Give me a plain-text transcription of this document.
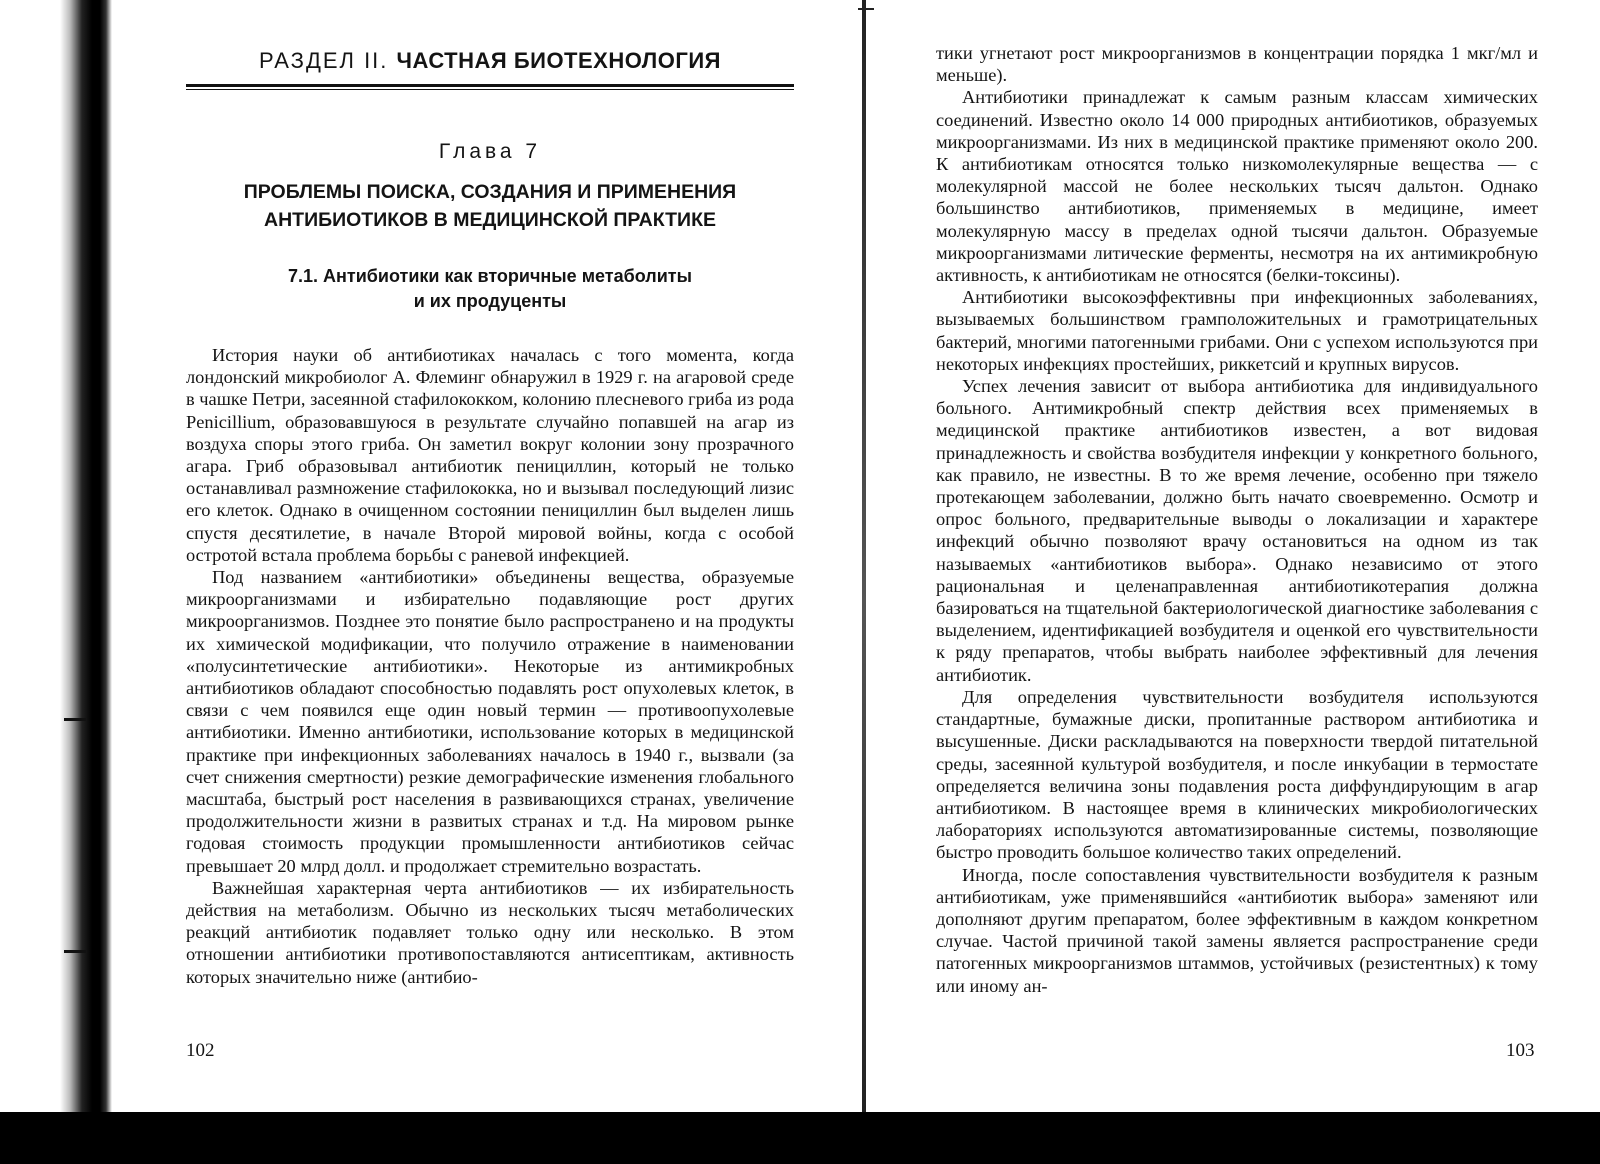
РАЗДЕЛ II. ЧАСТНАЯ БИОТЕХНОЛОГИЯ
Глава 7
ПРОБЛЕМЫ ПОИСКА, СОЗДАНИЯ И ПРИМЕНЕНИЯ
АНТИБИОТИКОВ В МЕДИЦИНСКОЙ ПРАКТИКЕ
7.1. Антибиотики как вторичные метаболиты
и их продуценты

История науки об антибиотиках началась с того момента, когда лондонский микробиолог А. Флеминг обнаружил в 1929 г. на агаровой среде в чашке Петри, засеянной стафилококком, колонию плесневого гриба из рода Penicillium, образовавшуюся в результате случайно попавшей на агар из воздуха споры этого гриба. Он заметил вокруг колонии зону прозрачного агара. Гриб образовывал антибиотик пенициллин, который не только останавливал размножение стафилококка, но и вызывал последующий лизис его клеток. Однако в очищенном состоянии пенициллин был выделен лишь спустя десятилетие, в начале Второй мировой войны, когда с особой остротой встала проблема борьбы с раневой инфекцией.

Под названием «антибиотики» объединены вещества, образуемые микроорганизмами и избирательно подавляющие рост других микроорганизмов. Позднее это понятие было распространено и на продукты их химической модификации, что получило отражение в наименовании «полусинтетические антибиотики». Некоторые из антимикробных антибиотиков обладают способностью подавлять рост опухолевых клеток, в связи с чем появился еще один новый термин — противоопухолевые антибиотики. Именно антибиотики, использование которых в медицинской практике при инфекционных заболеваниях началось в 1940 г., вызвали (за счет снижения смертности) резкие демографические изменения глобального масштаба, быстрый рост населения в развивающихся странах, увеличение продолжительности жизни в развитых странах и т.д. На мировом рынке годовая стоимость продукции промышленности антибиотиков сейчас превышает 20 млрд долл. и продолжает стремительно возрастать.

Важнейшая характерная черта антибиотиков — их избирательность действия на метаболизм. Обычно из нескольких тысяч метаболических реакций антибиотик подавляет только одну или несколько. В этом отношении антибиотики противопоставляются антисептикам, активность которых значительно ниже (антибио-

102

тики угнетают рост микроорганизмов в концентрации порядка 1 мкг/мл и меньше).

Антибиотики принадлежат к самым разным классам химических соединений. Известно около 14 000 природных антибиотиков, образуемых микроорганизмами. Из них в медицинской практике применяют около 200. К антибиотикам относятся только низкомолекулярные вещества — с молекулярной массой не более нескольких тысяч дальтон. Однако большинство антибиотиков, применяемых в медицине, имеет молекулярную массу в пределах одной тысячи дальтон. Образуемые микроорганизмами литические ферменты, несмотря на их антимикробную активность, к антибиотикам не относятся (белки-токсины).

Антибиотики высокоэффективны при инфекционных заболеваниях, вызываемых большинством грамположительных и грамотрицательных бактерий, многими патогенными грибами. Они с успехом используются при некоторых инфекциях простейших, риккетсий и крупных вирусов.

Успех лечения зависит от выбора антибиотика для индивидуального больного. Антимикробный спектр действия всех применяемых в медицинской практике антибиотиков известен, а вот видовая принадлежность и свойства возбудителя инфекции у конкретного больного, как правило, не известны. В то же время лечение, особенно при тяжело протекающем заболевании, должно быть начато своевременно. Осмотр и опрос больного, предварительные выводы о локализации и характере инфекций обычно позволяют врачу остановиться на одном из так называемых «антибиотиков выбора». Однако независимо от этого рациональная и целенаправленная антибиотикотерапия должна базироваться на тщательной бактериологической диагностике заболевания с выделением, идентификацией возбудителя и оценкой его чувствительности к ряду препаратов, чтобы выбрать наиболее эффективный для лечения антибиотик.

Для определения чувствительности возбудителя используются стандартные, бумажные диски, пропитанные раствором антибиотика и высушенные. Диски раскладываются на поверхности твердой питательной среды, засеянной культурой возбудителя, и после инкубации в термостате определяется величина зоны подавления роста диффундирующим в агар антибиотиком. В настоящее время в клинических микробиологических лабораториях используются автоматизированные системы, позволяющие быстро проводить большое количество таких определений.

Иногда, после сопоставления чувствительности возбудителя к разным антибиотикам, уже применявшийся «антибиотик выбора» заменяют или дополняют другим препаратом, более эффективным в каждом конкретном случае. Частой причиной такой замены является распространение среди патогенных микроорганизмов штаммов, устойчивых (резистентных) к тому или иному ан-

103
